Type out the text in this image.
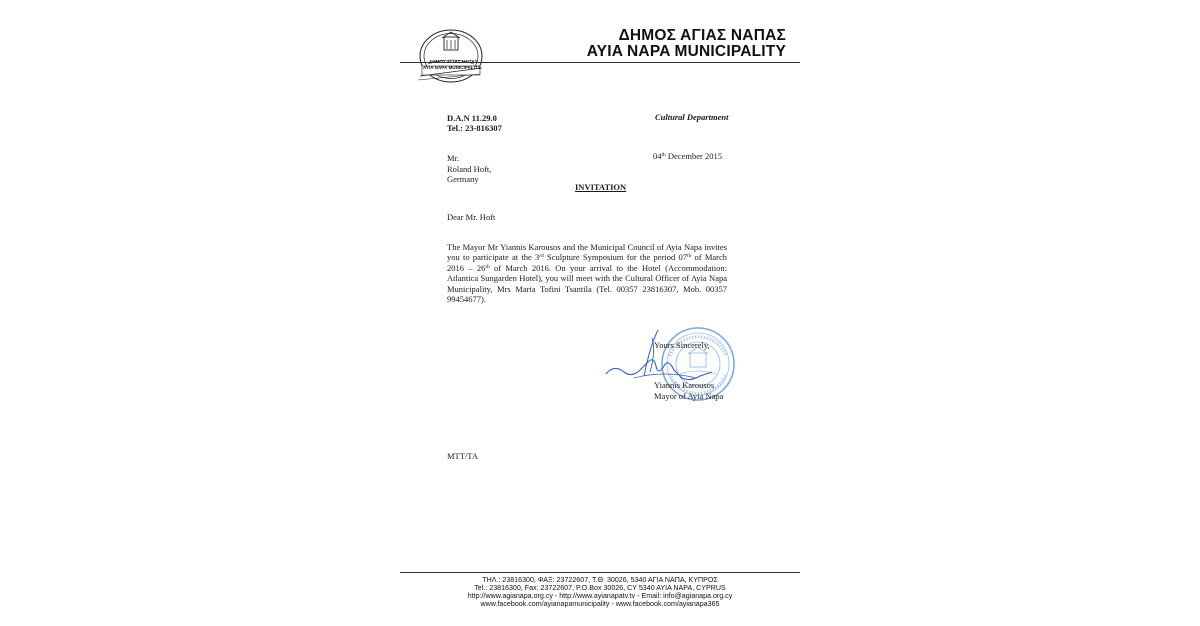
ΔΗΜΟΣ ΑΓΙΑΣ ΝΑΠΑΣ
AYIA NAPA MUNICIPALITY
ΔΗΜΟΣ ΑΓΙΑΣ ΝΑΠΑΣ
AYIA NAPA MUNICIPALITY
D.A.N 11.29.0
Tel.: 23-816307
Cultural Department
04th December 2015
Mr.
Roland Hoft,
Germany
INVITATION
Dear Mr. Hoft
The Mayor Mr Yiannis Karousos and the Municipal Council of Ayia Napa invites you to participate at the 3rd Sculpture Symposium for the period 07th of March 2016 – 26th of March 2016. On your arrival to the Hotel (Accommodation: Atlantica Sungarden Hotel), you will meet with the Cultural Officer of Ayia Napa Municipality, Mrs Maria Tofini Tsantila (Tel. 00357 23816307, Mob. 00357 99454677).
Yours Sincerely,
Yiannis Karousos
Mayor of Ayia Napa
MTT/TA
ΤΗΛ.: 23816300, ΦΑΞ: 23722607, Τ.Θ. 30026, 5340 ΑΓΙΑ ΝΑΠΑ, ΚΥΠΡΟΣ
Tel.: 23816300, Fax: 23722607, P.O.Box 30026, CY 5340 AYIA NAPA, CYPRUS
http://www.agianapa.org.cy - http://www.ayianapatv.tv - Email: info@agianapa.org.cy
www.facebook.com/ayianapamunicipality - www.facebook.com/ayianapa365
